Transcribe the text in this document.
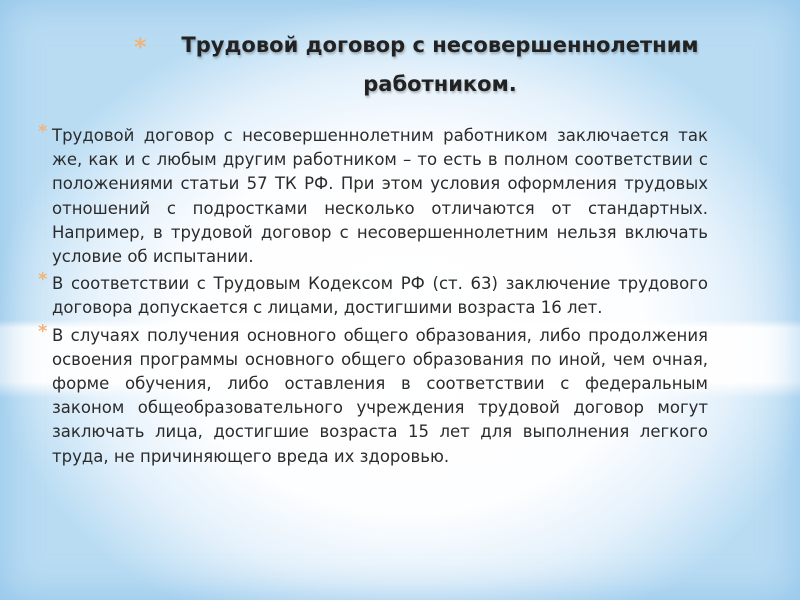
* Трудовой договор с несовершеннолетним работником.

* Трудовой договор с несовершеннолетним работником заключается так же, как и с любым другим работником – то есть в полном соответствии с положениями статьи 57 ТК РФ. При этом условия оформления трудовых отношений с подростками несколько отличаются от стандартных. Например, в трудовой договор с несовершеннолетним нельзя включать условие об испытании.

* В соответствии с Трудовым Кодексом РФ (ст. 63) заключение трудового договора допускается с лицами, достигшими возраста 16 лет.

* В случаях получения основного общего образования, либо продолжения освоения программы основного общего образования по иной, чем очная, форме обучения, либо оставления в соответствии с федеральным законом общеобразовательного учреждения трудовой договор могут заключать лица, достигшие возраста 15 лет для выполнения легкого труда, не причиняющего вреда их здоровью.
